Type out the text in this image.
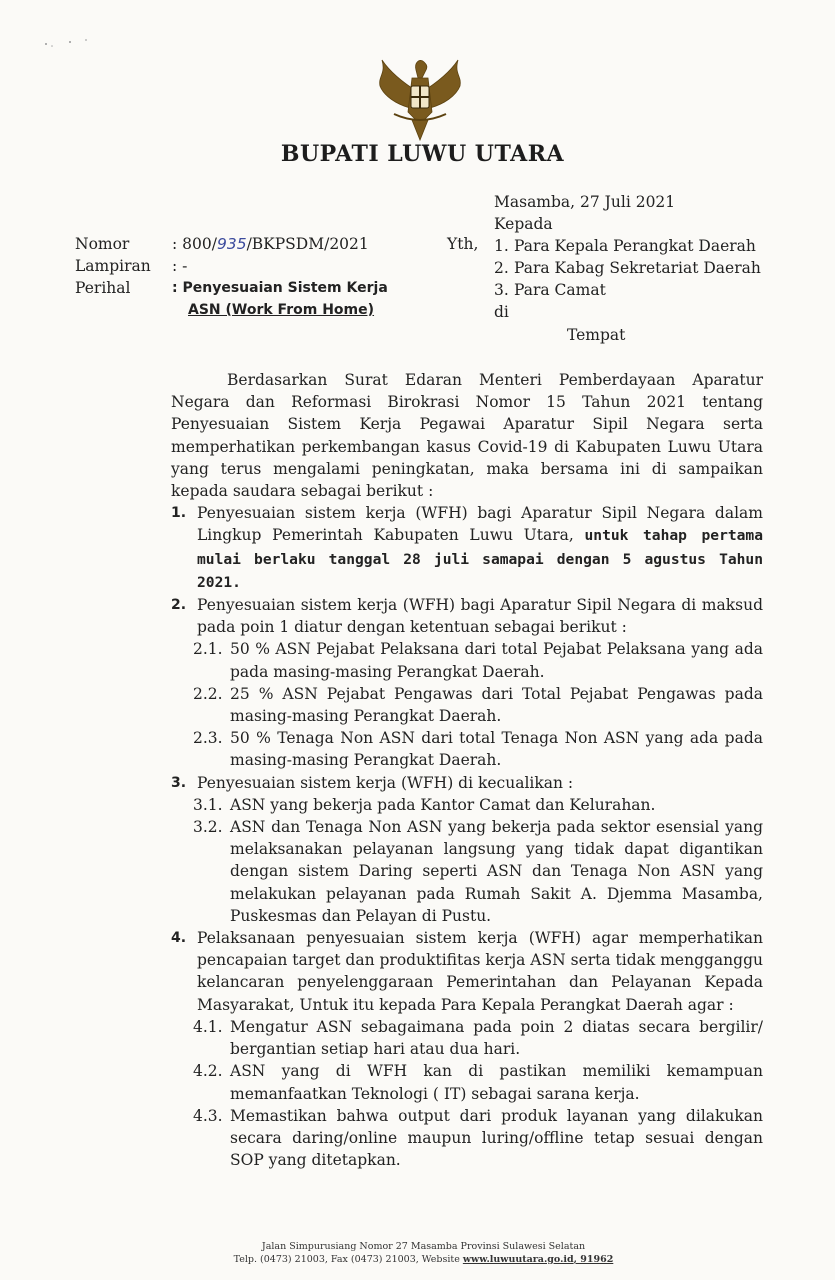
BUPATI LUWU UTARA
Masamba, 27 Juli 2021
Kepada
Nomor	: 800/935/BKPSDM/2021
Lampiran	: -
Perihal	: Penyesuaian Sistem Kerja
ASN (Work From Home)
Yth, 1. Para Kepala Perangkat Daerah
2. Para Kabag Sekretariat Daerah
3. Para Camat
di
Tempat

Berdasarkan Surat Edaran Menteri Pemberdayaan Aparatur Negara dan Reformasi Birokrasi Nomor 15 Tahun 2021 tentang Penyesuaian Sistem Kerja Pegawai Aparatur Sipil Negara serta memperhatikan perkembangan kasus Covid-19 di Kabupaten Luwu Utara yang terus mengalami peningkatan, maka bersama ini di sampaikan kepada saudara sebagai berikut :

1. Penyesuaian sistem kerja (WFH) bagi Aparatur Sipil Negara dalam Lingkup Pemerintah Kabupaten Luwu Utara, untuk tahap pertama mulai berlaku tanggal 28 juli samapai dengan 5 agustus Tahun 2021.
2. Penyesuaian sistem kerja (WFH) bagi Aparatur Sipil Negara di maksud pada poin 1 diatur dengan ketentuan sebagai berikut :
2.1. 50 % ASN Pejabat Pelaksana dari total Pejabat Pelaksana yang ada pada masing-masing Perangkat Daerah.
2.2. 25 % ASN Pejabat Pengawas dari Total Pejabat Pengawas pada masing-masing Perangkat Daerah.
2.3. 50 % Tenaga Non ASN dari total Tenaga Non ASN yang ada pada masing-masing Perangkat Daerah.
3. Penyesuaian sistem kerja (WFH) di kecualikan :
3.1. ASN yang bekerja pada Kantor Camat dan Kelurahan.
3.2. ASN dan Tenaga Non ASN yang bekerja pada sektor esensial yang melaksanakan pelayanan langsung yang tidak dapat digantikan dengan sistem Daring seperti ASN dan Tenaga Non ASN yang melakukan pelayanan pada Rumah Sakit A. Djemma Masamba, Puskesmas dan Pelayan di Pustu.
4. Pelaksanaan penyesuaian sistem kerja (WFH) agar memperhatikan pencapaian target dan produktifitas kerja ASN serta tidak mengganggu kelancaran penyelenggaraan Pemerintahan dan Pelayanan Kepada Masyarakat, Untuk itu kepada Para Kepala Perangkat Daerah agar :
4.1. Mengatur ASN sebagaimana pada poin 2 diatas secara bergilir/ bergantian setiap hari atau dua hari.
4.2. ASN yang di WFH kan di pastikan memiliki kemampuan memanfaatkan Teknologi ( IT) sebagai sarana kerja.
4.3. Memastikan bahwa output dari produk layanan yang dilakukan secara daring/online maupun luring/offline tetap sesuai dengan SOP yang ditetapkan.
Jalan Simpurusiang Nomor 27 Masamba Provinsi Sulawesi Selatan
Telp. (0473) 21003, Fax (0473) 21003, Website www.luwuutara.go.id, 91962
